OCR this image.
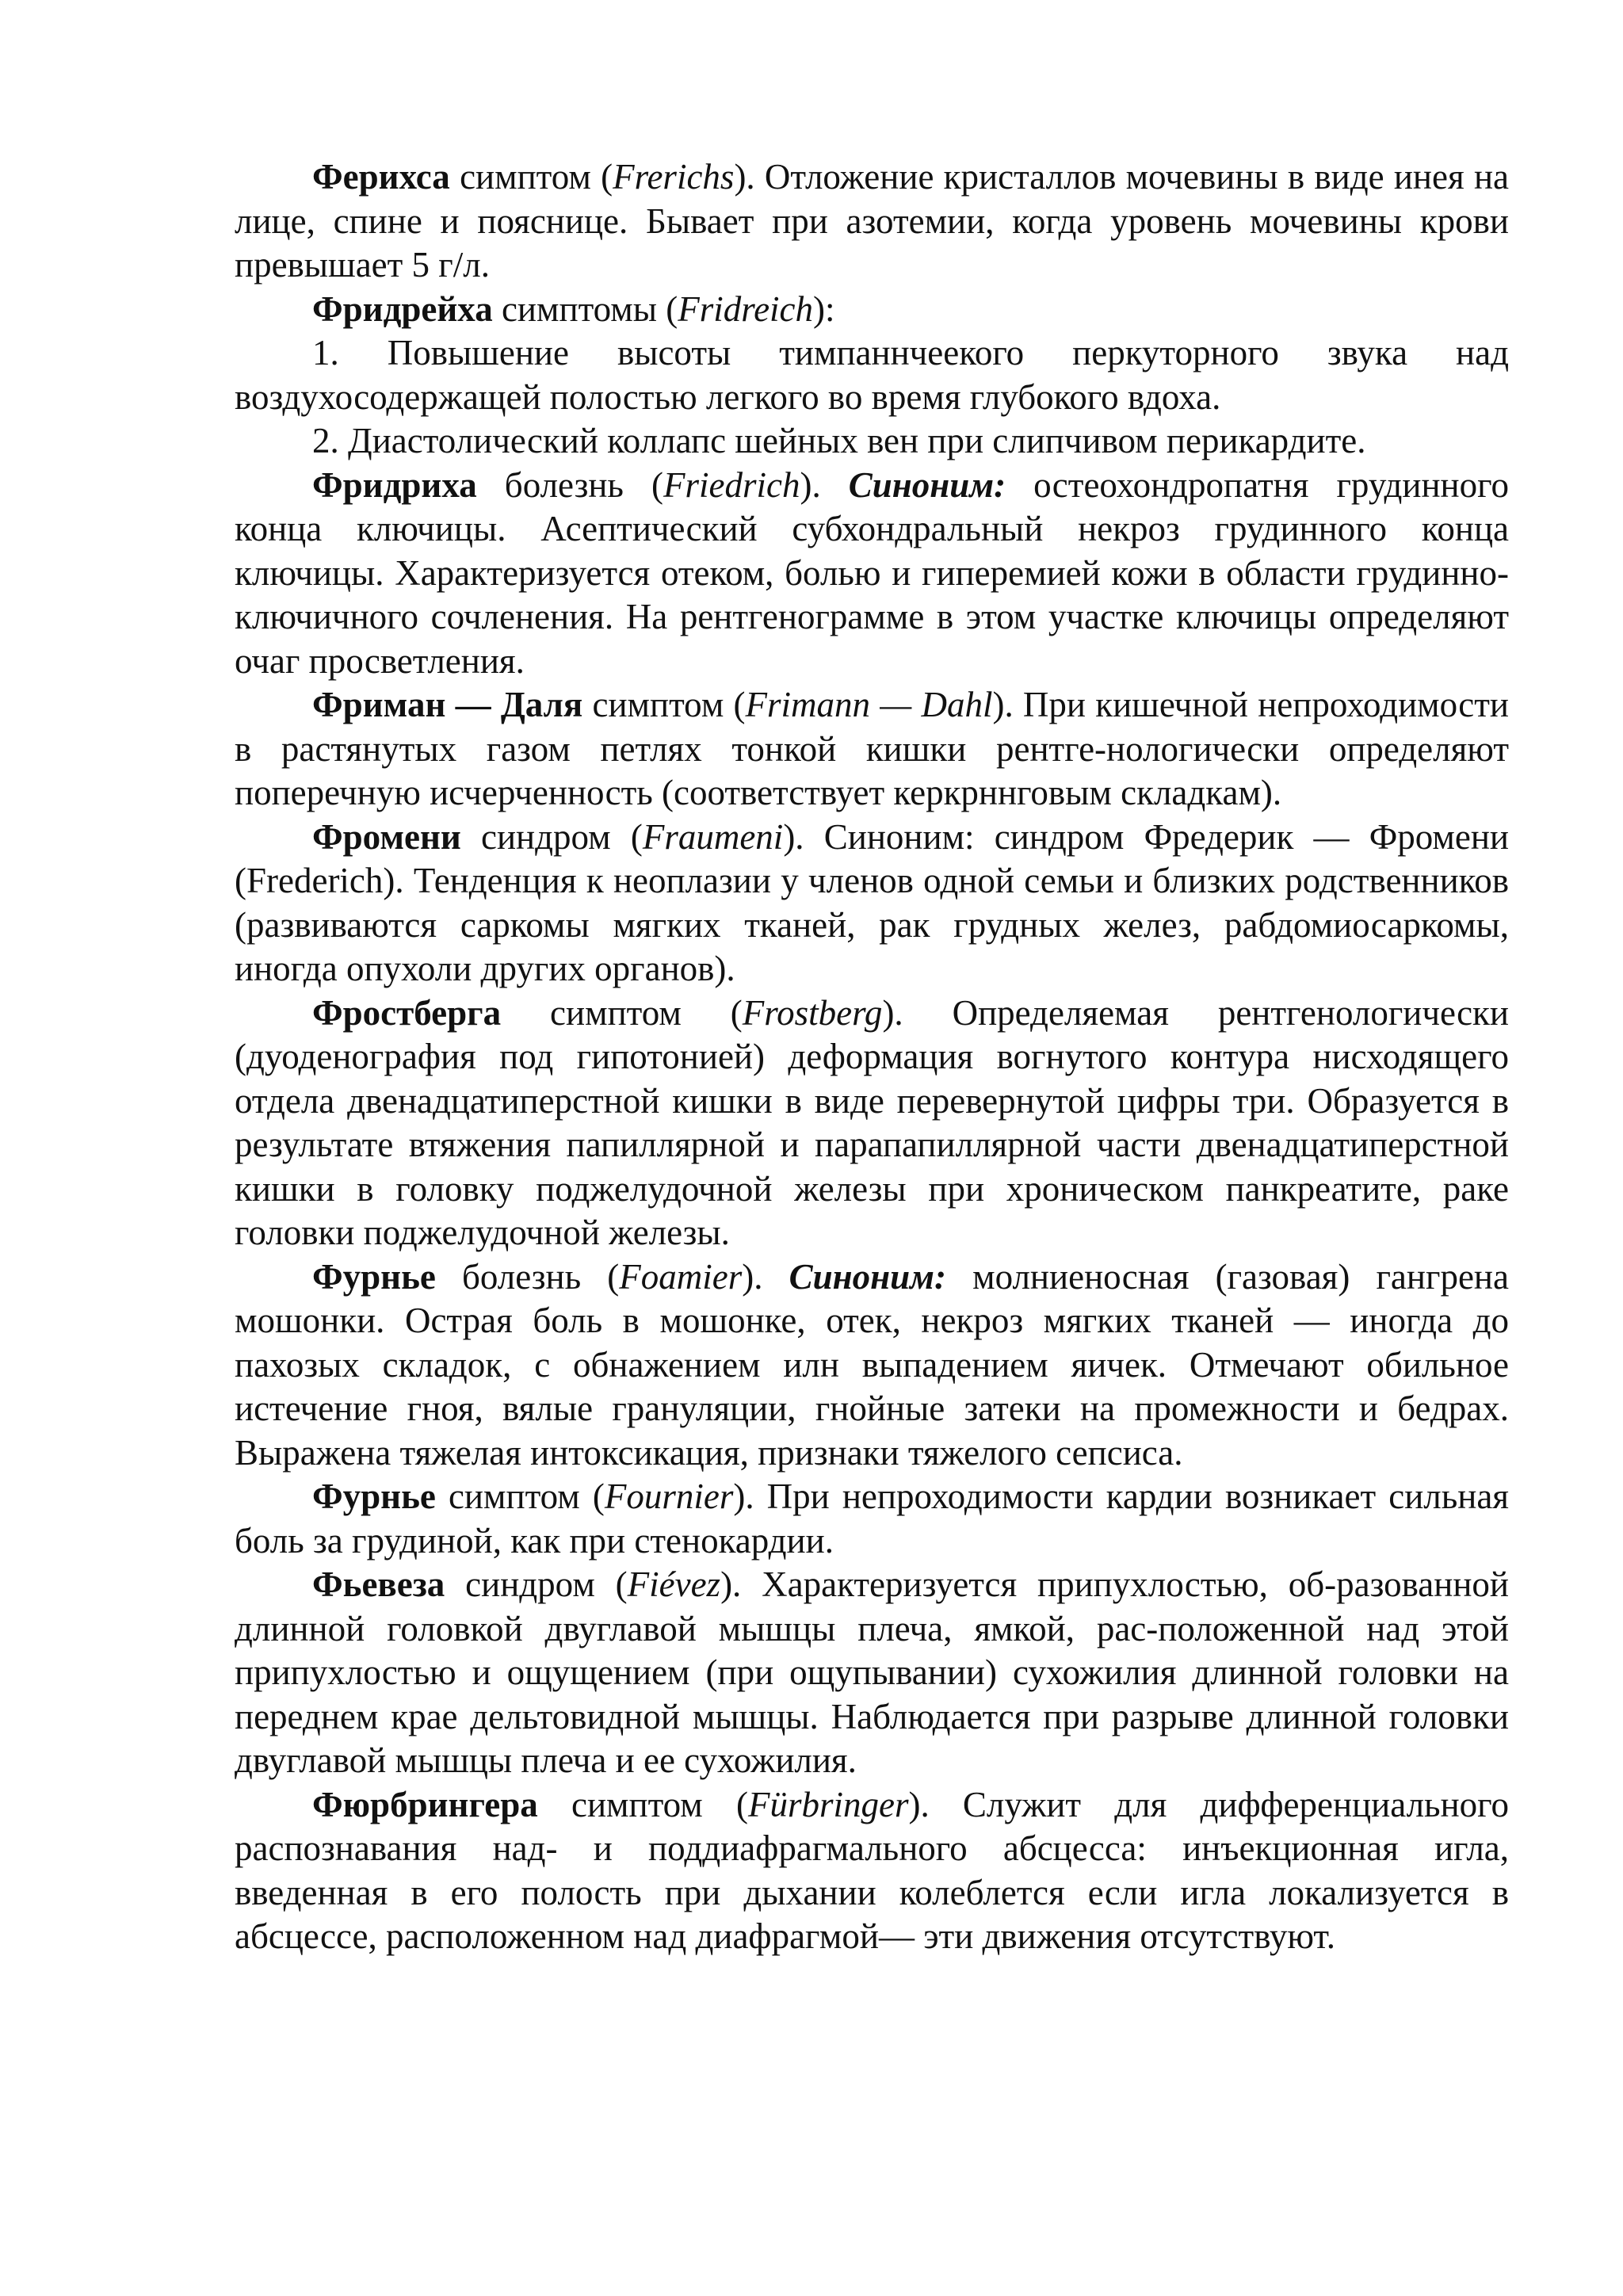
Ферихса симптом (Frerichs). Отложение кристаллов мочевины в виде инея на лице, спине и пояснице. Бывает при азотемии, когда уровень мочевины крови превышает 5 г/л.

Фридрейха симптомы (Fridreich):

1. Повышение высоты тимпаннчеекого перкуторного звука над воздухосодержащей полостью легкого во время глубокого вдоха.

2. Диастолический коллапс шейных вен при слипчивом перикардите.

Фридриха болезнь (Friedrich). Синоним: остеохондропатня грудинного конца ключицы. Асептический субхондральный некроз грудинного конца ключицы. Характеризуется отеком, болью и гиперемией кожи в области грудинно-ключичного сочленения. На рентгенограмме в этом участке ключицы определяют очаг просветления.

Фриман — Даля симптом (Frimann — Dahl). При кишечной непроходимости в растянутых газом петлях тонкой кишки рентге-нологически определяют поперечную исчерченность (соответствует керкрннговым складкам).

Фромени синдром (Fraumeni). Синоним: синдром Фредерик — Фромени (Frederich). Тенденция к неоплазии у членов одной семьи и близких родственников (развиваются саркомы мягких тканей, рак грудных желез, рабдомиосаркомы, иногда опухоли других органов).

Фростберга симптом (Frostberg). Определяемая рентгенологически (дуоденография под гипотонией) деформация вогнутого контура нисходящего отдела двенадцатиперстной кишки в виде перевернутой цифры три. Образуется в результате втяжения папиллярной и парапапиллярной части двенадцатиперстной кишки в головку поджелудочной железы при хроническом панкреатите, раке головки поджелудочной железы.

Фурнье болезнь (Foamier). Синоним: молниеносная (газовая) гангрена мошонки. Острая боль в мошонке, отек, некроз мягких тканей — иногда до пахозых складок, с обнажением илн выпадением яичек. Отмечают обильное истечение гноя, вялые грануляции, гнойные затеки на промежности и бедрах. Выражена тяжелая интоксикация, признаки тяжелого сепсиса.

Фурнье симптом (Fournier). При непроходимости кардии возникает сильная боль за грудиной, как при стенокардии.

Фьевеза синдром (Fiévez). Характеризуется припухлостью, об-разованной длинной головкой двуглавой мышцы плеча, ямкой, рас-положенной над этой припухлостью и ощущением (при ощупывании) сухожилия длинной головки на переднем крае дельтовидной мышцы. Наблюдается при разрыве длинной головки двуглавой мышцы плеча и ее сухожилия.

Фюрбрингера симптом (Fürbringer). Служит для дифференциального распознавания над- и поддиафрагмального абсцесса: инъекционная игла, введенная в его полость при дыхании колеблется если игла локализуется в абсцессе, расположенном над диафрагмой— эти движения отсутствуют.
